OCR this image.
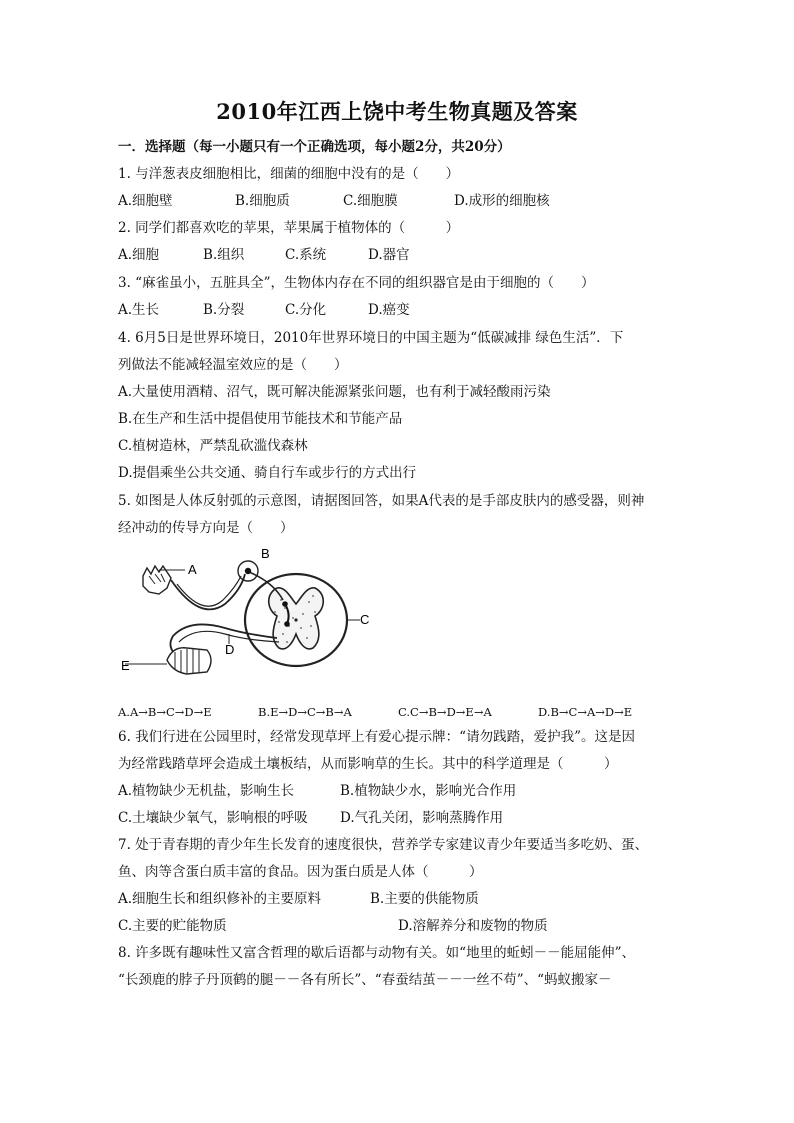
2010年江西上饶中考生物真题及答案
一．选择题（每一小题只有一个正确选项，每小题2分，共20分）
1. 与洋葱表皮细胞相比，细菌的细胞中没有的是（　　）
A.细胞壁	B.细胞质	C.细胞膜	D.成形的细胞核
2. 同学们都喜欢吃的苹果，苹果属于植物体的（　　　）
A.细胞	B.组织	C.系统	D.器官
3. “麻雀虽小，五脏具全”，生物体内存在不同的组织器官是由于细胞的（　　）
A.生长	B.分裂	C.分化	D.癌变
4. 6月5日是世界环境日，2010年世界环境日的中国主题为“低碳减排 绿色生活”．下
列做法不能减轻温室效应的是（　　）
A.大量使用酒精、沼气，既可解决能源紧张问题，也有利于减轻酸雨污染
B.在生产和生活中提倡使用节能技术和节能产品
C.植树造林，严禁乱砍滥伐森林
D.提倡乘坐公共交通、骑自行车或步行的方式出行
5. 如图是人体反射弧的示意图，请据图回答，如果A代表的是手部皮肤内的感受器，则神
经冲动的传导方向是（　　）
A
B
C
D
E
A.A→B→C→D→E	B.E→D→C→B→A	C.C→B→D→E→A	D.B→C→A→D→E
6. 我们行进在公园里时，经常发现草坪上有爱心提示牌：“请勿践踏，爱护我”。这是因
为经常践踏草坪会造成土壤板结，从而影响草的生长。其中的科学道理是（　　　）
A.植物缺少无机盐，影响生长	B.植物缺少水，影响光合作用
C.土壤缺少氧气，影响根的呼吸 D.气孔关闭，影响蒸腾作用
7. 处于青春期的青少年生长发育的速度很快，营养学专家建议青少年要适当多吃奶、蛋、
鱼、肉等含蛋白质丰富的食品。因为蛋白质是人体（　　　）
A.细胞生长和组织修补的主要原料	B.主要的供能物质
C.主要的贮能物质	D.溶解养分和废物的物质
8. 许多既有趣味性又富含哲理的歇后语都与动物有关。如“地里的蚯蚓－－能屈能伸”、
“长颈鹿的脖子丹顶鹤的腿－－各有所长”、“春蚕结茧－－一丝不苟”、“蚂蚁搬家－
